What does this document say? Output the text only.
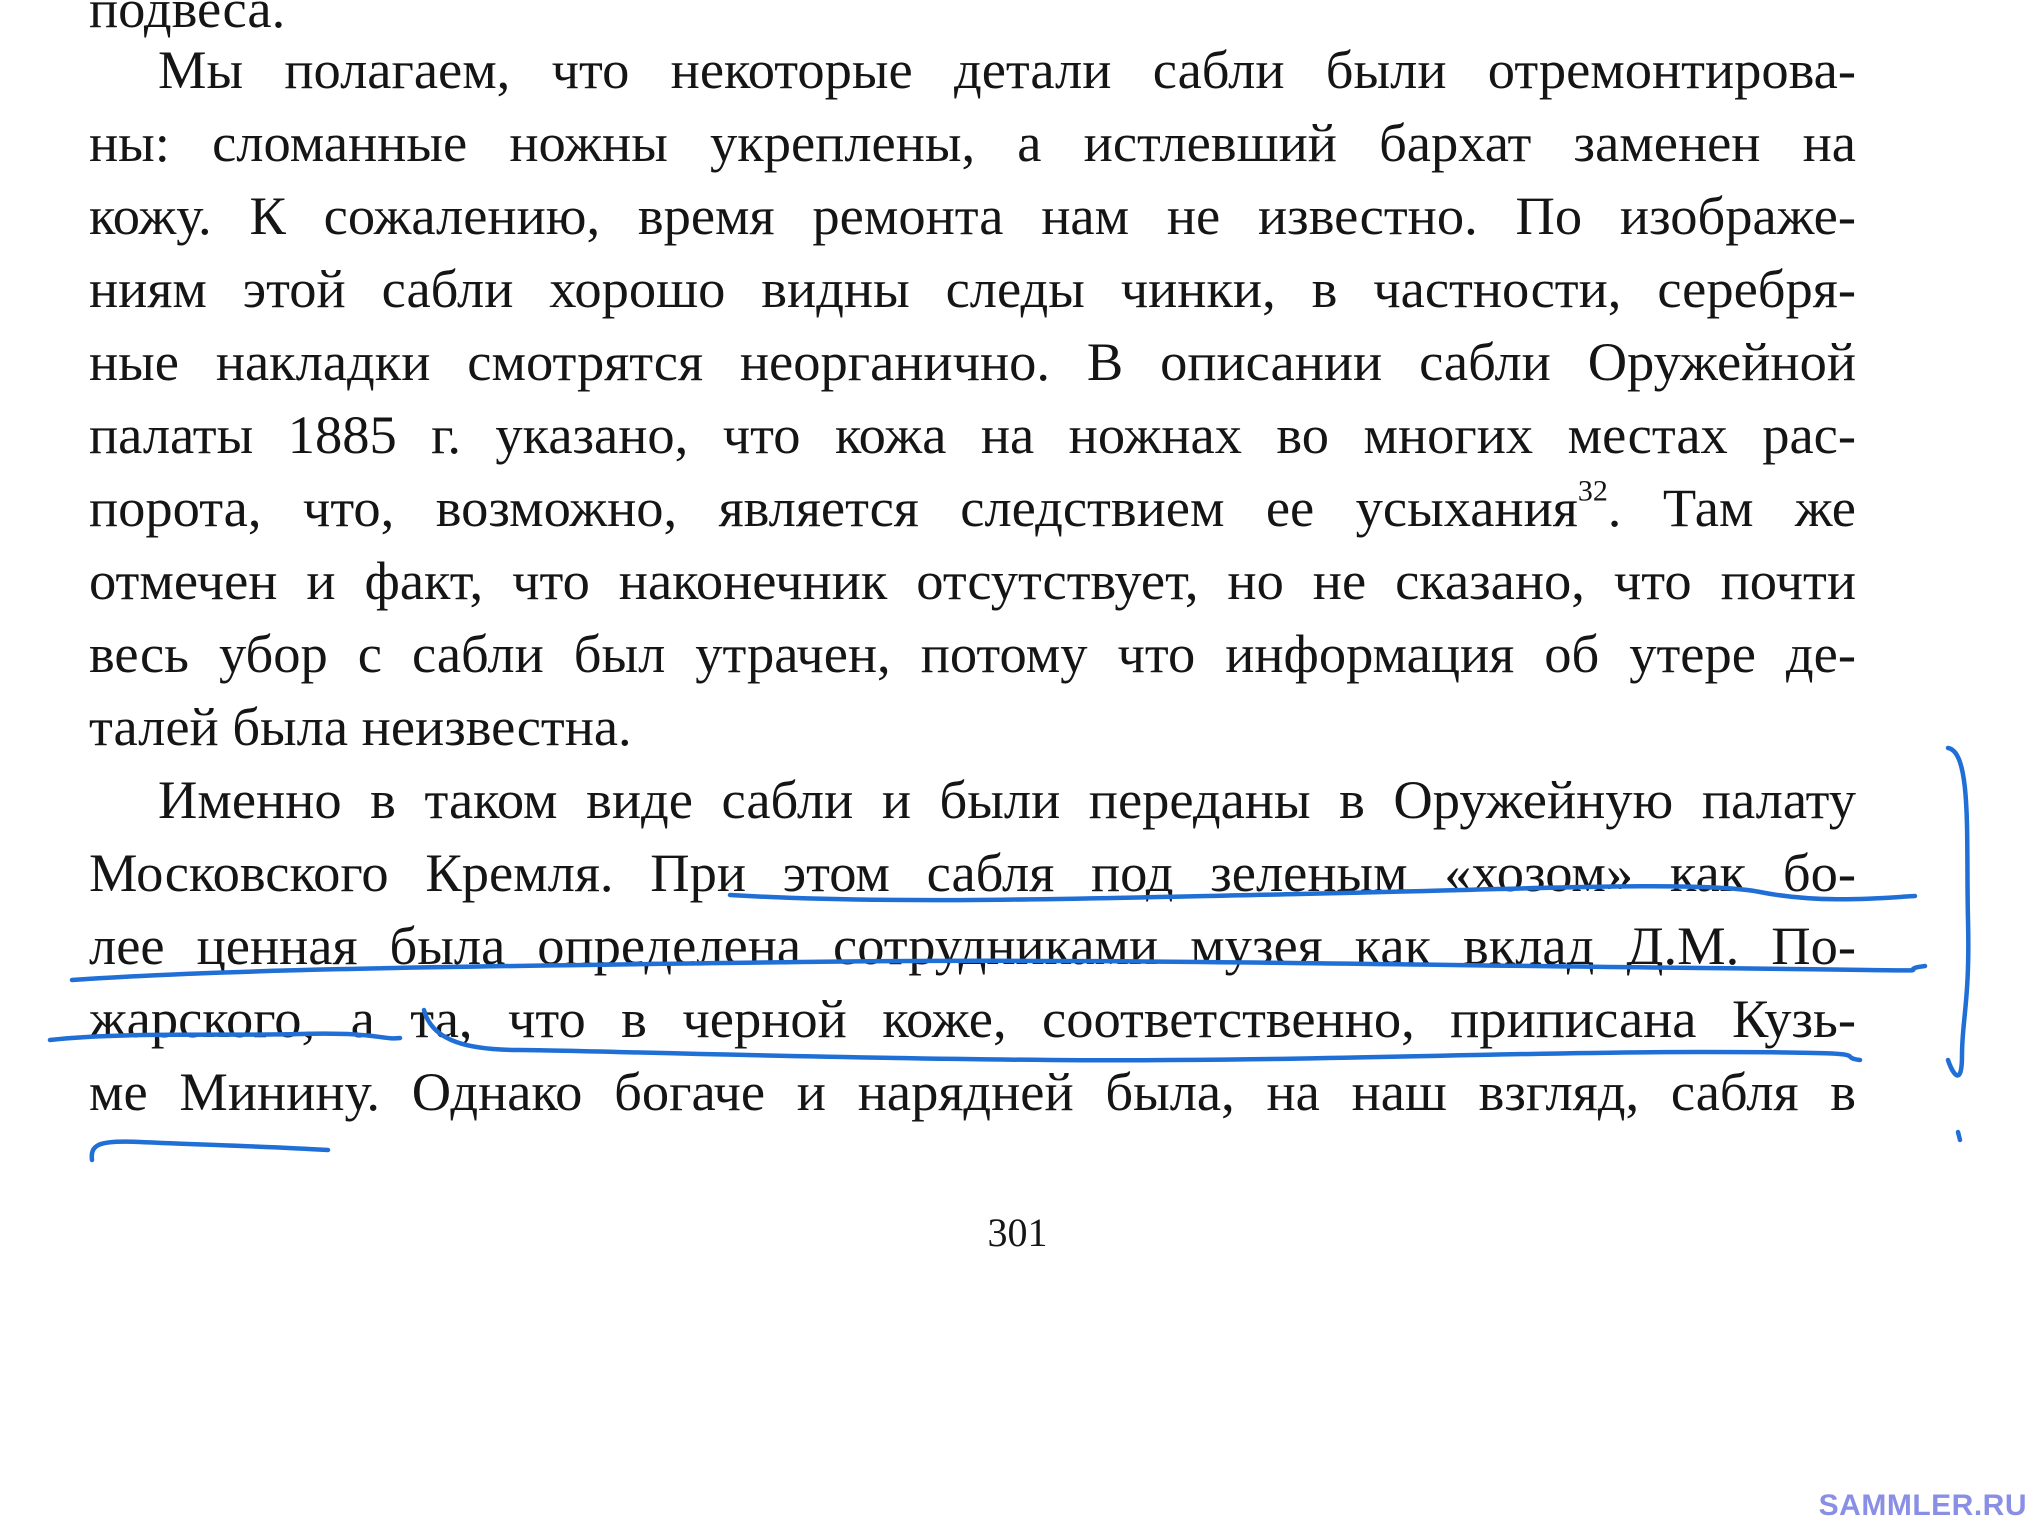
подвеса.
Мы полагаем, что некоторые детали сабли были отремонтирова-
ны: сломанные ножны укреплены, а истлевший бархат заменен на
кожу. К сожалению, время ремонта нам не известно. По изображе-
ниям этой сабли хорошо видны следы чинки, в частности, серебря-
ные накладки смотрятся неорганично. В описании сабли Оружейной
палаты 1885 г. указано, что кожа на ножнах во многих местах рас-
порота, что, возможно, является следствием ее усыхания$^{32}$. Там же
отмечен и факт, что наконечник отсутствует, но не сказано, что почти
весь убор с сабли был утрачен, потому что информация об утере де-
талей была неизвестна.
Именно в таком виде сабли и были переданы в Оружейную палату
Московского Кремля. При этом сабля под зеленым «хозом» как бо-
лее ценная была определена сотрудниками музея как вклад Д.М. По-
жарского, а та, что в черной коже, соответственно, приписана Кузь-
ме Минину. Однако богаче и нарядней была, на наш взгляд, сабля в
301
SAMMLER.RU
